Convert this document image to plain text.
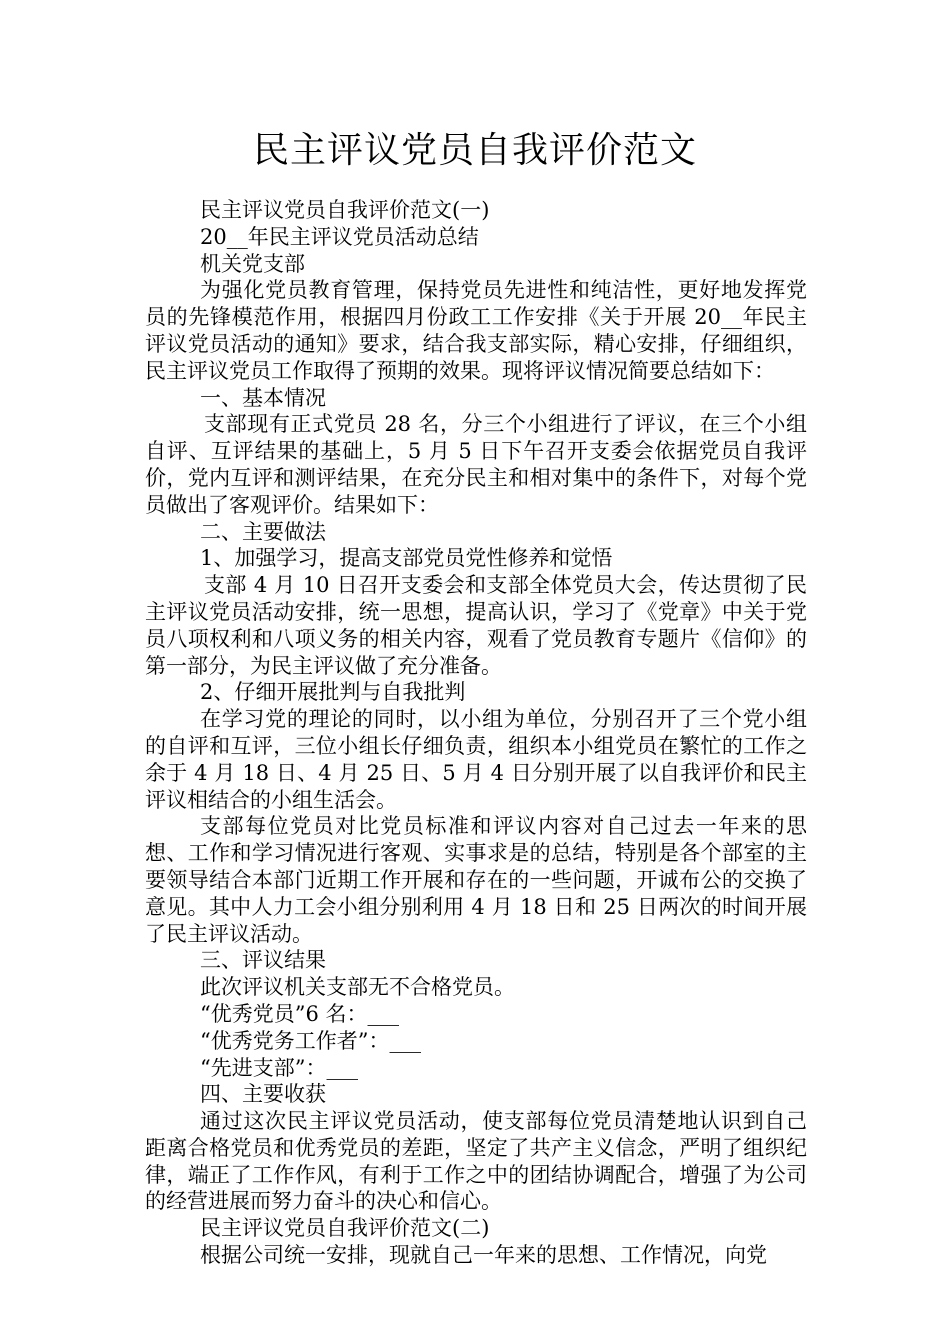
民主评议党员自我评价范文

民主评议党员自我评价范文(一)

20__年民主评议党员活动总结

机关党支部

为强化党员教育管理，保持党员先进性和纯洁性，更好地发挥党员的先锋模范作用，根据四月份政工工作安排《关于开展 20__年民主评议党员活动的通知》要求，结合我支部实际，精心安排，仔细组织，民主评议党员工作取得了预期的效果。现将评议情况简要总结如下：

一、基本情况

支部现有正式党员 28 名，分三个小组进行了评议，在三个小组自评、互评结果的基础上，5 月 5 日下午召开支委会依据党员自我评价，党内互评和测评结果，在充分民主和相对集中的条件下，对每个党员做出了客观评价。结果如下：

二、主要做法

1、加强学习，提高支部党员党性修养和觉悟

支部 4 月 10 日召开支委会和支部全体党员大会，传达贯彻了民主评议党员活动安排，统一思想，提高认识，学习了《党章》中关于党员八项权利和八项义务的相关内容，观看了党员教育专题片《信仰》的第一部分，为民主评议做了充分准备。

2、仔细开展批判与自我批判

在学习党的理论的同时，以小组为单位，分别召开了三个党小组的自评和互评，三位小组长仔细负责，组织本小组党员在繁忙的工作之余于 4 月 18 日、4 月 25 日、5 月 4 日分别开展了以自我评价和民主评议相结合的小组生活会。

支部每位党员对比党员标准和评议内容对自己过去一年来的思想、工作和学习情况进行客观、实事求是的总结，特别是各个部室的主要领导结合本部门近期工作开展和存在的一些问题，开诚布公的交换了意见。其中人力工会小组分别利用 4 月 18 日和 25 日两次的时间开展了民主评议活动。

三、评议结果

此次评议机关支部无不合格党员。

“优秀党员”6 名：___

“优秀党务工作者”：___

“先进支部”：___

四、主要收获

通过这次民主评议党员活动，使支部每位党员清楚地认识到自己距离合格党员和优秀党员的差距，坚定了共产主义信念，严明了组织纪律，端正了工作作风，有利于工作之中的团结协调配合，增强了为公司的经营进展而努力奋斗的决心和信心。

民主评议党员自我评价范文(二)

根据公司统一安排，现就自己一年来的思想、工作情况，向党
